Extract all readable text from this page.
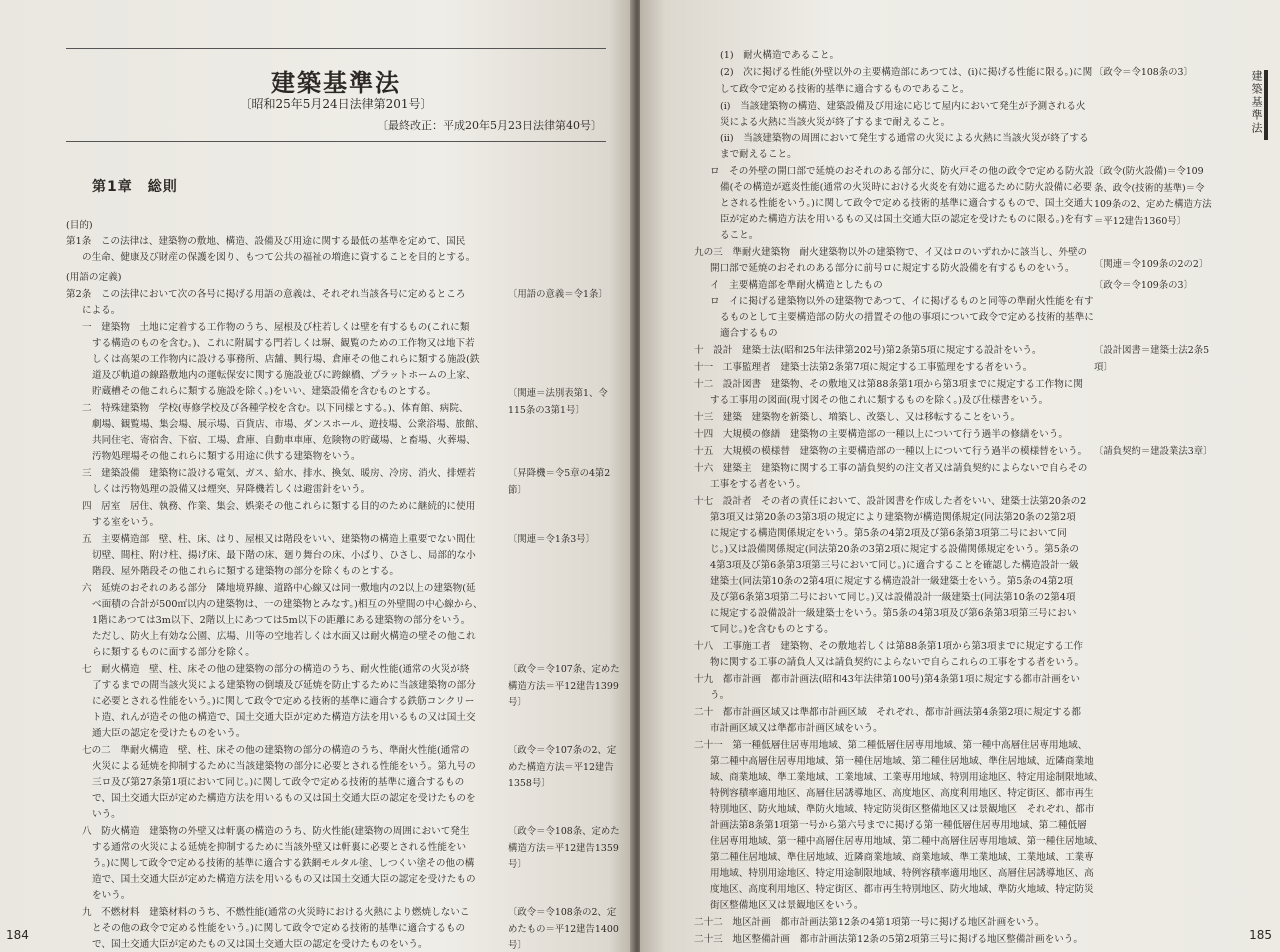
建築基準法
〔昭和25年5月24日法律第201号〕
〔最終改正：平成20年5月23日法律第40号〕
第1章　総則

(目的)

第1条　この法律は、建築物の敷地、構造、設備及び用途に関する最低の基準を定めて、国民

の生命、健康及び財産の保護を図り、もつて公共の福祉の増進に資することを目的とする。

(用語の定義)

第2条　この法律において次の各号に掲げる用語の意義は、それぞれ当該各号に定めるところ

による。

一　建築物　土地に定着する工作物のうち、屋根及び柱若しくは壁を有するもの(これに類

する構造のものを含む。)、これに附属する門若しくは塀、観覧のための工作物又は地下若

しくは高架の工作物内に設ける事務所、店舗、興行場、倉庫その他これらに類する施設(鉄

道及び軌道の線路敷地内の運転保安に関する施設並びに跨線橋、プラットホームの上家、

貯蔵槽その他これらに類する施設を除く。)をいい、建築設備を含むものとする。

二　特殊建築物　学校(専修学校及び各種学校を含む。以下同様とする。)、体育館、病院、

劇場、観覧場、集会場、展示場、百貨店、市場、ダンスホール、遊技場、公衆浴場、旅館、

共同住宅、寄宿舎、下宿、工場、倉庫、自動車車庫、危険物の貯蔵場、と畜場、火葬場、

汚物処理場その他これらに類する用途に供する建築物をいう。

三　建築設備　建築物に設ける電気、ガス、給水、排水、換気、暖房、冷房、消火、排煙若

しくは汚物処理の設備又は煙突、昇降機若しくは避雷針をいう。

四　居室　居住、執務、作業、集会、娯楽その他これらに類する目的のために継続的に使用

する室をいう。

五　主要構造部　壁、柱、床、はり、屋根又は階段をいい、建築物の構造上重要でない間仕

切壁、間柱、附け柱、揚げ床、最下階の床、廻り舞台の床、小ばり、ひさし、局部的な小

階段、屋外階段その他これらに類する建築物の部分を除くものとする。

六　延焼のおそれのある部分　隣地境界線、道路中心線又は同一敷地内の2以上の建築物(延

べ面積の合計が500㎡以内の建築物は、一の建築物とみなす。)相互の外壁間の中心線から、

1階にあつては3m以下、2階以上にあつては5m以下の距離にある建築物の部分をいう。

ただし、防火上有効な公園、広場、川等の空地若しくは水面又は耐火構造の壁その他これ

らに類するものに面する部分を除く。

七　耐火構造　壁、柱、床その他の建築物の部分の構造のうち、耐火性能(通常の火災が終

了するまでの間当該火災による建築物の倒壊及び延焼を防止するために当該建築物の部分

に必要とされる性能をいう。)に関して政令で定める技術的基準に適合する鉄筋コンクリー

ト造、れんが造その他の構造で、国土交通大臣が定めた構造方法を用いるもの又は国土交

通大臣の認定を受けたものをいう。

七の二　準耐火構造　壁、柱、床その他の建築物の部分の構造のうち、準耐火性能(通常の

火災による延焼を抑制するために当該建築物の部分に必要とされる性能をいう。第九号の

三ロ及び第27条第1項において同じ。)に関して政令で定める技術的基準に適合するもの

で、国土交通大臣が定めた構造方法を用いるもの又は国土交通大臣の認定を受けたものを

いう。

八　防火構造　建築物の外壁又は軒裏の構造のうち、防火性能(建築物の周囲において発生

する通常の火災による延焼を抑制するために当該外壁又は軒裏に必要とされる性能をい

う。)に関して政令で定める技術的基準に適合する鉄網モルタル塗、しつくい塗その他の構

造で、国土交通大臣が定めた構造方法を用いるもの又は国土交通大臣の認定を受けたもの

をいう。

九　不燃材料　建築材料のうち、不燃性能(通常の火災時における火熱により燃焼しないこ

とその他の政令で定める性能をいう。)に関して政令で定める技術的基準に適合するもの

で、国土交通大臣が定めたもの又は国土交通大臣の認定を受けたものをいう。

〔用語の意義＝令1条〕
〔関連＝法別表第1、令115条の3第1号〕
〔昇降機＝令5章の4第2節〕
〔関連＝令1条3号〕
〔政令＝令107条、定めた構造方法＝平12建告1399号〕
〔政令＝令107条の2、定めた構造方法＝平12建告1358号〕
〔政令＝令108条、定めた構造方法＝平12建告1359号〕
〔政令＝令108条の2、定めたもの＝平12建告1400号〕
184

(1)　耐火構造であること。

(2)　次に掲げる性能(外壁以外の主要構造部にあつては、(i)に掲げる性能に限る。)に関

して政令で定める技術的基準に適合するものであること。

(i)　当該建築物の構造、建築設備及び用途に応じて屋内において発生が予測される火

災による火熱に当該火災が終了するまで耐えること。

(ii)　当該建築物の周囲において発生する通常の火災による火熱に当該火災が終了する

まで耐えること。

ロ　その外壁の開口部で延焼のおそれのある部分に、防火戸その他の政令で定める防火設

備(その構造が遮炎性能(通常の火災時における火炎を有効に遮るために防火設備に必要

とされる性能をいう。)に関して政令で定める技術的基準に適合するもので、国土交通大

臣が定めた構造方法を用いるもの又は国土交通大臣の認定を受けたものに限る。)を有す

ること。

九の三　準耐火建築物　耐火建築物以外の建築物で、イ又はロのいずれかに該当し、外壁の

開口部で延焼のおそれのある部分に前号ロに規定する防火設備を有するものをいう。

イ　主要構造部を準耐火構造としたもの

ロ　イに掲げる建築物以外の建築物であつて、イに掲げるものと同等の準耐火性能を有す

るものとして主要構造部の防火の措置その他の事項について政令で定める技術的基準に

適合するもの

十　設計　建築士法(昭和25年法律第202号)第2条第5項に規定する設計をいう。

十一　工事監理者　建築士法第2条第7項に規定する工事監理をする者をいう。

十二　設計図書　建築物、その敷地又は第88条第1項から第3項までに規定する工作物に関

する工事用の図面(現寸図その他これに類するものを除く。)及び仕様書をいう。

十三　建築　建築物を新築し、増築し、改築し、又は移転することをいう。

十四　大規模の修繕　建築物の主要構造部の一種以上について行う過半の修繕をいう。

十五　大規模の模様替　建築物の主要構造部の一種以上について行う過半の模様替をいう。

十六　建築主　建築物に関する工事の請負契約の注文者又は請負契約によらないで自らその

工事をする者をいう。

十七　設計者　その者の責任において、設計図書を作成した者をいい、建築士法第20条の2

第3項又は第20条の3第3項の規定により建築物が構造関係規定(同法第20条の2第2項

に規定する構造関係規定をいう。第5条の4第2項及び第6条第3項第二号において同

じ。)又は設備関係規定(同法第20条の3第2項に規定する設備関係規定をいう。第5条の

4第3項及び第6条第3項第三号において同じ。)に適合することを確認した構造設計一級

建築士(同法第10条の2第4項に規定する構造設計一級建築士をいう。第5条の4第2項

及び第6条第3項第二号において同じ。)又は設備設計一級建築士(同法第10条の2第4項

に規定する設備設計一級建築士をいう。第5条の4第3項及び第6条第3項第三号におい

て同じ。)を含むものとする。

十八　工事施工者　建築物、その敷地若しくは第88条第1項から第3項までに規定する工作

物に関する工事の請負人又は請負契約によらないで自らこれらの工事をする者をいう。

十九　都市計画　都市計画法(昭和43年法律第100号)第4条第1項に規定する都市計画をい

う。

二十　都市計画区域又は準都市計画区域　それぞれ、都市計画法第4条第2項に規定する都

市計画区域又は準都市計画区域をいう。

二十一　第一種低層住居専用地域、第二種低層住居専用地域、第一種中高層住居専用地域、

第二種中高層住居専用地域、第一種住居地域、第二種住居地域、準住居地域、近隣商業地

域、商業地域、準工業地域、工業地域、工業専用地域、特別用途地区、特定用途制限地域、

特例容積率適用地区、高層住居誘導地区、高度地区、高度利用地区、特定街区、都市再生

特別地区、防火地域、準防火地域、特定防災街区整備地区又は景観地区　それぞれ、都市

計画法第8条第1項第一号から第六号までに掲げる第一種低層住居専用地域、第二種低層

住居専用地域、第一種中高層住居専用地域、第二種中高層住居専用地域、第一種住居地域、

第二種住居地域、準住居地域、近隣商業地域、商業地域、準工業地域、工業地域、工業専

用地域、特別用途地区、特定用途制限地域、特例容積率適用地区、高層住居誘導地区、高

度地区、高度利用地区、特定街区、都市再生特別地区、防火地域、準防火地域、特定防災

街区整備地区又は景観地区をいう。

二十二　地区計画　都市計画法第12条の4第1項第一号に掲げる地区計画をいう。

二十三　地区整備計画　都市計画法第12条の5第2項第三号に掲げる地区整備計画をいう。	185
〔政令＝令108条の3〕
〔政令(防火設備)＝令109条、政令(技術的基準)＝令109条の2、定めた構造方法＝平12建告1360号〕
〔関連＝令109条の2の2〕
〔政令＝令109条の3〕
〔設計図書＝建築士法2条5項〕
〔請負契約＝建設業法3章〕
建築基準法
